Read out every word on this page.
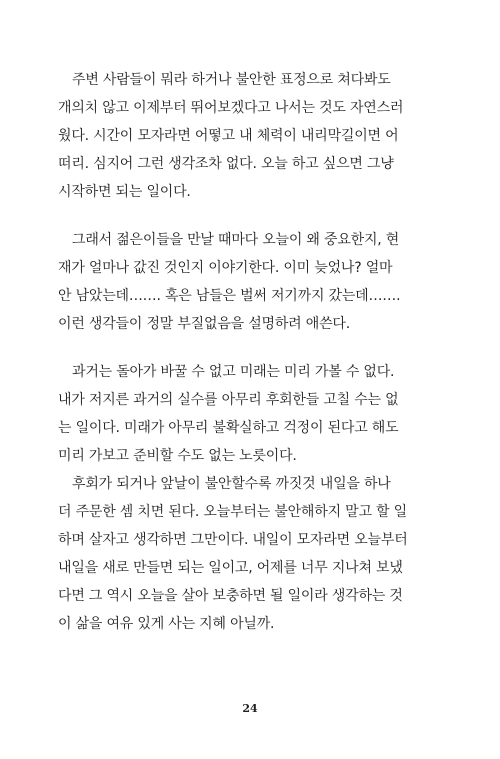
주변 사람들이 뭐라 하거나 불안한 표정으로 쳐다봐도
개의치 않고 이제부터 뛰어보겠다고 나서는 것도 자연스러
웠다. 시간이 모자라면 어떻고 내 체력이 내리막길이면 어
떠리. 심지어 그런 생각조차 없다. 오늘 하고 싶으면 그냥
시작하면 되는 일이다.
그래서 젊은이들을 만날 때마다 오늘이 왜 중요한지, 현
재가 얼마나 값진 것인지 이야기한다. 이미 늦었나? 얼마
안 남았는데……. 혹은 남들은 벌써 저기까지 갔는데…….
이런 생각들이 정말 부질없음을 설명하려 애쓴다.
과거는 돌아가 바꿀 수 없고 미래는 미리 가볼 수 없다.
내가 저지른 과거의 실수를 아무리 후회한들 고칠 수는 없
는 일이다. 미래가 아무리 불확실하고 걱정이 된다고 해도
미리 가보고 준비할 수도 없는 노릇이다.
후회가 되거나 앞날이 불안할수록 까짓것 내일을 하나
더 주문한 셈 치면 된다. 오늘부터는 불안해하지 말고 할 일
하며 살자고 생각하면 그만이다. 내일이 모자라면 오늘부터
내일을 새로 만들면 되는 일이고, 어제를 너무 지나쳐 보냈
다면 그 역시 오늘을 살아 보충하면 될 일이라 생각하는 것
이 삶을 여유 있게 사는 지혜 아닐까.
24
